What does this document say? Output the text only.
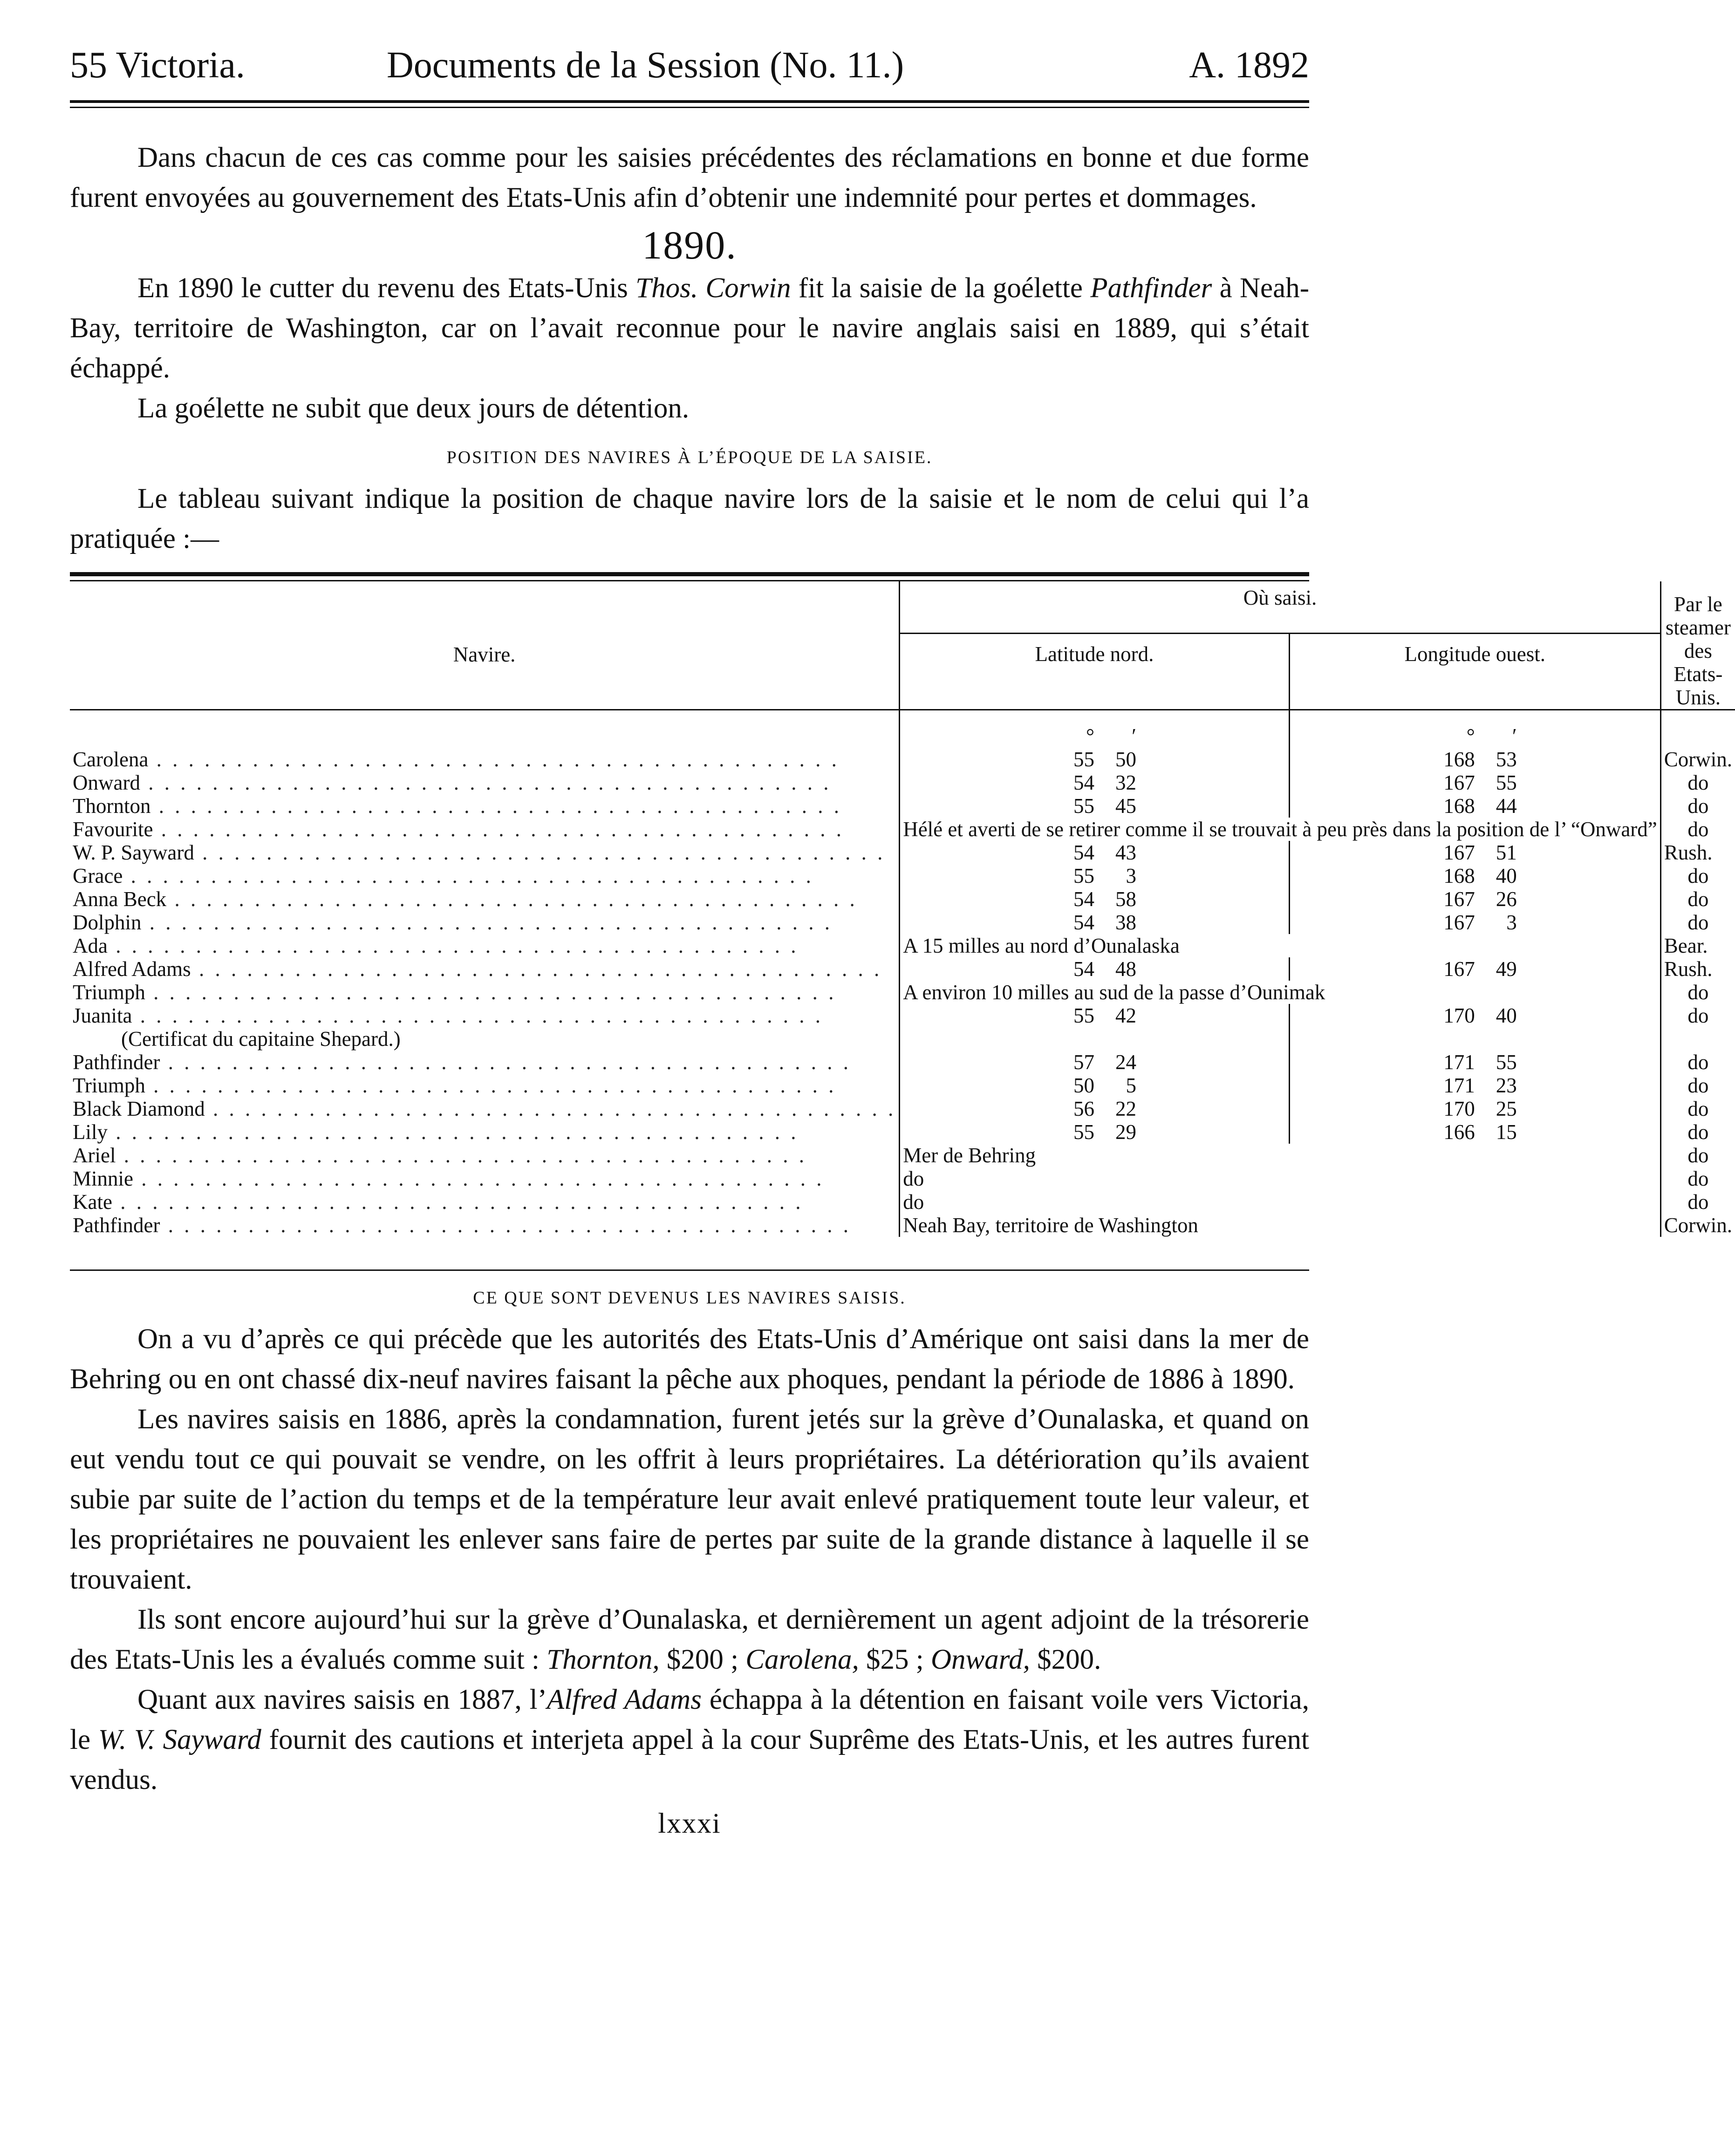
55 Victoria.	Documents de la Session (No. 11.)	A. 1892

Dans chacun de ces cas comme pour les saisies précédentes des réclamations en bonne et due forme furent envoyées au gouvernement des Etats-Unis afin d’obtenir une indemnité pour pertes et dommages.

1890.

En 1890 le cutter du revenu des Etats-Unis Thos. Corwin fit la saisie de la goélette Pathfinder à Neah-Bay, territoire de Washington, car on l’avait reconnue pour le navire anglais saisi en 1889, qui s’était échappé.

La goélette ne subit que deux jours de détention.

POSITION DES NAVIRES À L’ÉPOQUE DE LA SAISIE.

Le tableau suivant indique la position de chaque navire lors de la saisie et le nom de celui qui l’a pratiquée :—

Navire.	Où saisi.		Par le steamer des Etats-Unis.
	Latitude nord.	Longitude ouest.	

	° ′	° ′	
Carolena . . . . . . . . . . . . . . . . . . . . . . . . . . . . . . . . . . . . . . . . . . .	55 50	168 53	Corwin.
Onward . . . . . . . . . . . . . . . . . . . . . . . . . . . . . . . . . . . . . . . . . . .	54 32	167 55	do
Thornton . . . . . . . . . . . . . . . . . . . . . . . . . . . . . . . . . . . . . . . . . . .	55 45	168 44	do
Favourite . . . . . . . . . . . . . . . . . . . . . . . . . . . . . . . . . . . . . . . . . . .	Hélé et averti de se retirer comme il se trouvait à peu près dans la position de l’ “Onward”		do
W. P. Sayward . . . . . . . . . . . . . . . . . . . . . . . . . . . . . . . . . . . . . . . . . . .	54 43	167 51	Rush.
Grace . . . . . . . . . . . . . . . . . . . . . . . . . . . . . . . . . . . . . . . . . . .	55 3	168 40	do
Anna Beck . . . . . . . . . . . . . . . . . . . . . . . . . . . . . . . . . . . . . . . . . . .	54 58	167 26	do
Dolphin . . . . . . . . . . . . . . . . . . . . . . . . . . . . . . . . . . . . . . . . . . .	54 38	167 3	do
Ada . . . . . . . . . . . . . . . . . . . . . . . . . . . . . . . . . . . . . . . . . . .	A 15 milles au nord d’Ounalaska		Bear.
Alfred Adams . . . . . . . . . . . . . . . . . . . . . . . . . . . . . . . . . . . . . . . . . . .	54 48	167 49	Rush.
Triumph . . . . . . . . . . . . . . . . . . . . . . . . . . . . . . . . . . . . . . . . . . .	A environ 10 milles au sud de la passe d’Ounimak		do
Juanita . . . . . . . . . . . . . . . . . . . . . . . . . . . . . . . . . . . . . . . . . . .	55 42	170 40	do
(Certificat du capitaine Shepard.)			
Pathfinder . . . . . . . . . . . . . . . . . . . . . . . . . . . . . . . . . . . . . . . . . . .	57 24	171 55	do
Triumph . . . . . . . . . . . . . . . . . . . . . . . . . . . . . . . . . . . . . . . . . . .	50 5	171 23	do
Black Diamond . . . . . . . . . . . . . . . . . . . . . . . . . . . . . . . . . . . . . . . . . . .	56 22	170 25	do
Lily . . . . . . . . . . . . . . . . . . . . . . . . . . . . . . . . . . . . . . . . . . .	55 29	166 15	do
Ariel . . . . . . . . . . . . . . . . . . . . . . . . . . . . . . . . . . . . . . . . . . .	Mer de Behring		do
Minnie . . . . . . . . . . . . . . . . . . . . . . . . . . . . . . . . . . . . . . . . . . .	do		do
Kate . . . . . . . . . . . . . . . . . . . . . . . . . . . . . . . . . . . . . . . . . . .	do		do
Pathfinder . . . . . . . . . . . . . . . . . . . . . . . . . . . . . . . . . . . . . . . . . . .	Neah Bay, territoire de Washington		Corwin.
CE QUE SONT DEVENUS LES NAVIRES SAISIS.

On a vu d’après ce qui précède que les autorités des Etats-Unis d’Amérique ont saisi dans la mer de Behring ou en ont chassé dix-neuf navires faisant la pêche aux phoques, pendant la période de 1886 à 1890.

Les navires saisis en 1886, après la condamnation, furent jetés sur la grève d’Ounalaska, et quand on eut vendu tout ce qui pouvait se vendre, on les offrit à leurs propriétaires. La détérioration qu’ils avaient subie par suite de l’action du temps et de la température leur avait enlevé pratiquement toute leur valeur, et les propriétaires ne pouvaient les enlever sans faire de pertes par suite de la grande distance à laquelle il se trouvaient.

Ils sont encore aujourd’hui sur la grève d’Ounalaska, et dernièrement un agent adjoint de la trésorerie des Etats-Unis les a évalués comme suit : Thornton, $200 ; Carolena, $25 ; Onward, $200.

Quant aux navires saisis en 1887, l’Alfred Adams échappa à la détention en faisant voile vers Victoria, le W. V. Sayward fournit des cautions et interjeta appel à la cour Suprême des Etats-Unis, et les autres furent vendus.

lxxxi
